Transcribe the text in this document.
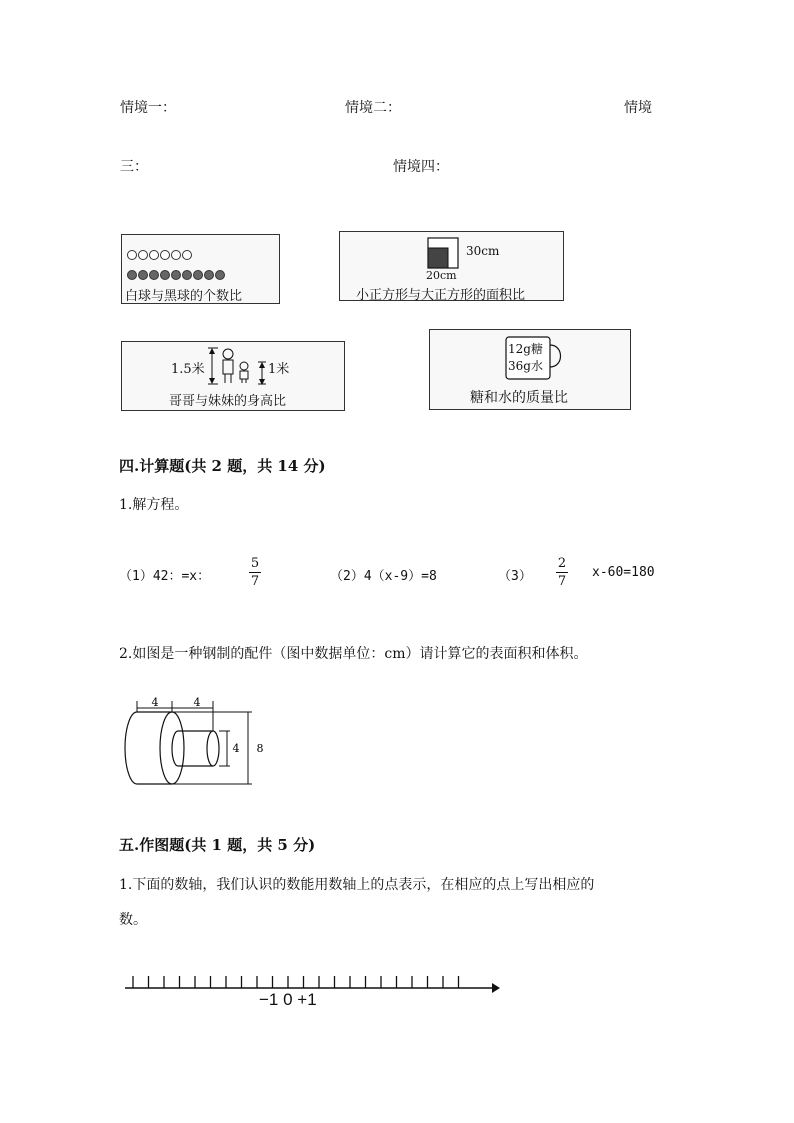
情境一：	情境二：	情境
三：	情境四：
白球与黑球的个数比
30cm
20cm
小正方形与大正方形的面积比
1.5米	1米
哥哥与妹妹的身高比
12g糖
36g水
糖和水的质量比
四.计算题(共 2 题，共 14 分)
1.解方程。
（1）42：=x：
5
7	（2）4（x-9）=8	（3）
2
7
x-60=180
2.如图是一种钢制的配件（图中数据单位：cm）请计算它的表面积和体积。
4	4
4 8
五.作图题(共 1 题，共 5 分)
1.下面的数轴，我们认识的数能用数轴上的点表示，在相应的点上写出相应的
数。
−1 0 +1
